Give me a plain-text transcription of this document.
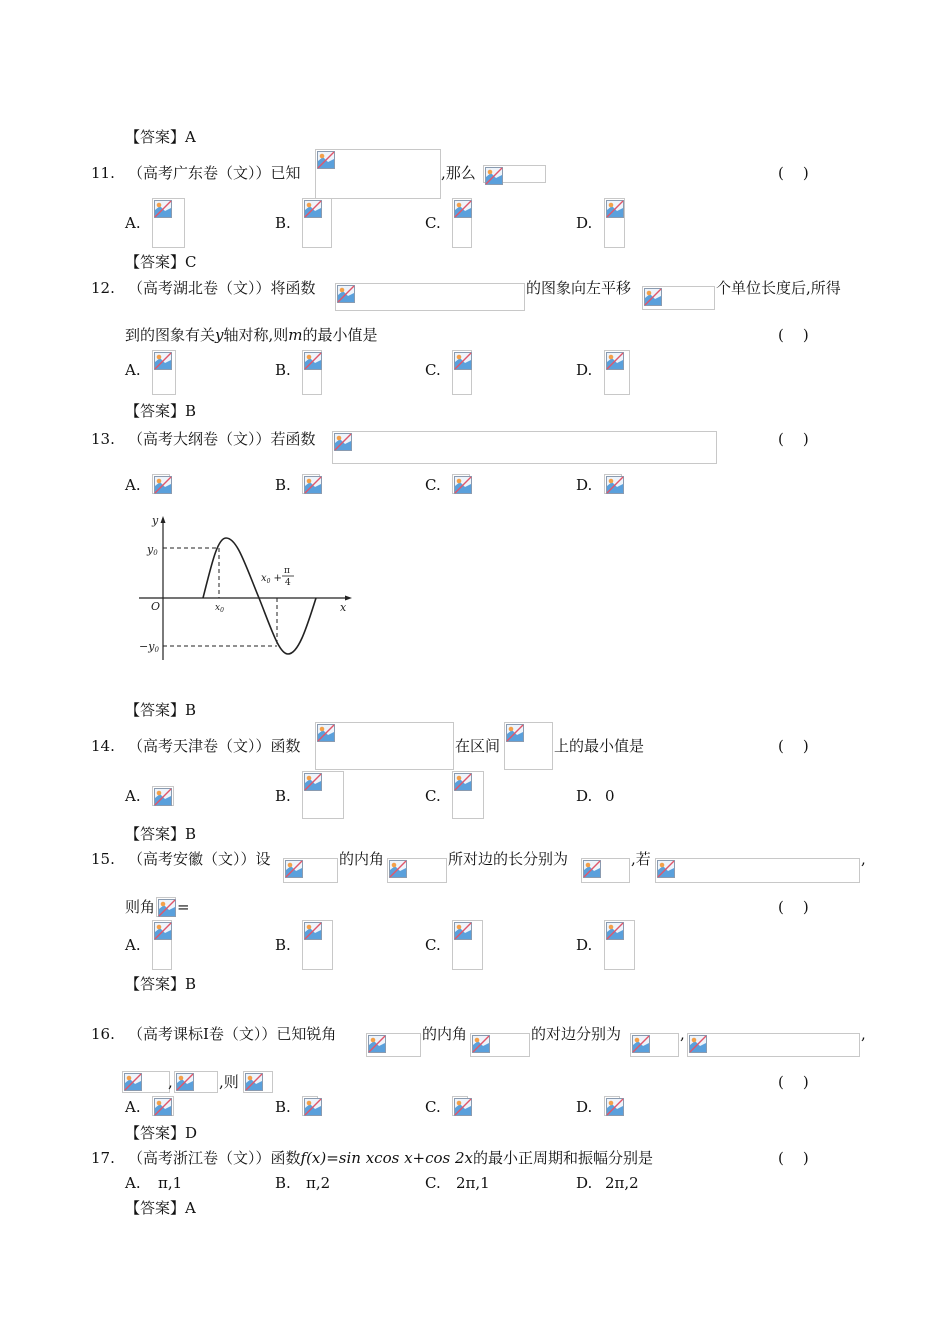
【答案】A
11. （高考广东卷（文））已知	,那么	(    )
A.	B.	C.	D.
【答案】C
12. （高考湖北卷（文））将函数	的图象向左平移	个单位长度后,所得
到的图象有关y轴对称,则m的最小值是	(    )
A.	B.	C.	D.
【答案】B
13. （高考大纲卷（文））若函数	(    )
A.	B.	C.	D.
y
x
O
y0
−y0
$x_0$
$x_0$ +
π
4
【答案】B
14. （高考天津卷（文））函数	在区间	上的最小值是	(    )
A.	B.	C.	D. 0
【答案】B
15. （高考安徽（文））设	的内角	所对边的长分别为	,若	,
则角 =	(    )
A.	B.	C.	D.
【答案】B
16. （高考课标Ⅰ卷（文））已知锐角	的内角	的对边分别为	,	,
,	,则	(    )
A.	B.	C.	D.
【答案】D
17. （高考浙江卷（文））函数f(x)=sin xcos x+cos 2x的最小正周期和振幅分别是	(    )
A. π,1	B. π,2	C. 2π,1	D. 2π,2
【答案】A
